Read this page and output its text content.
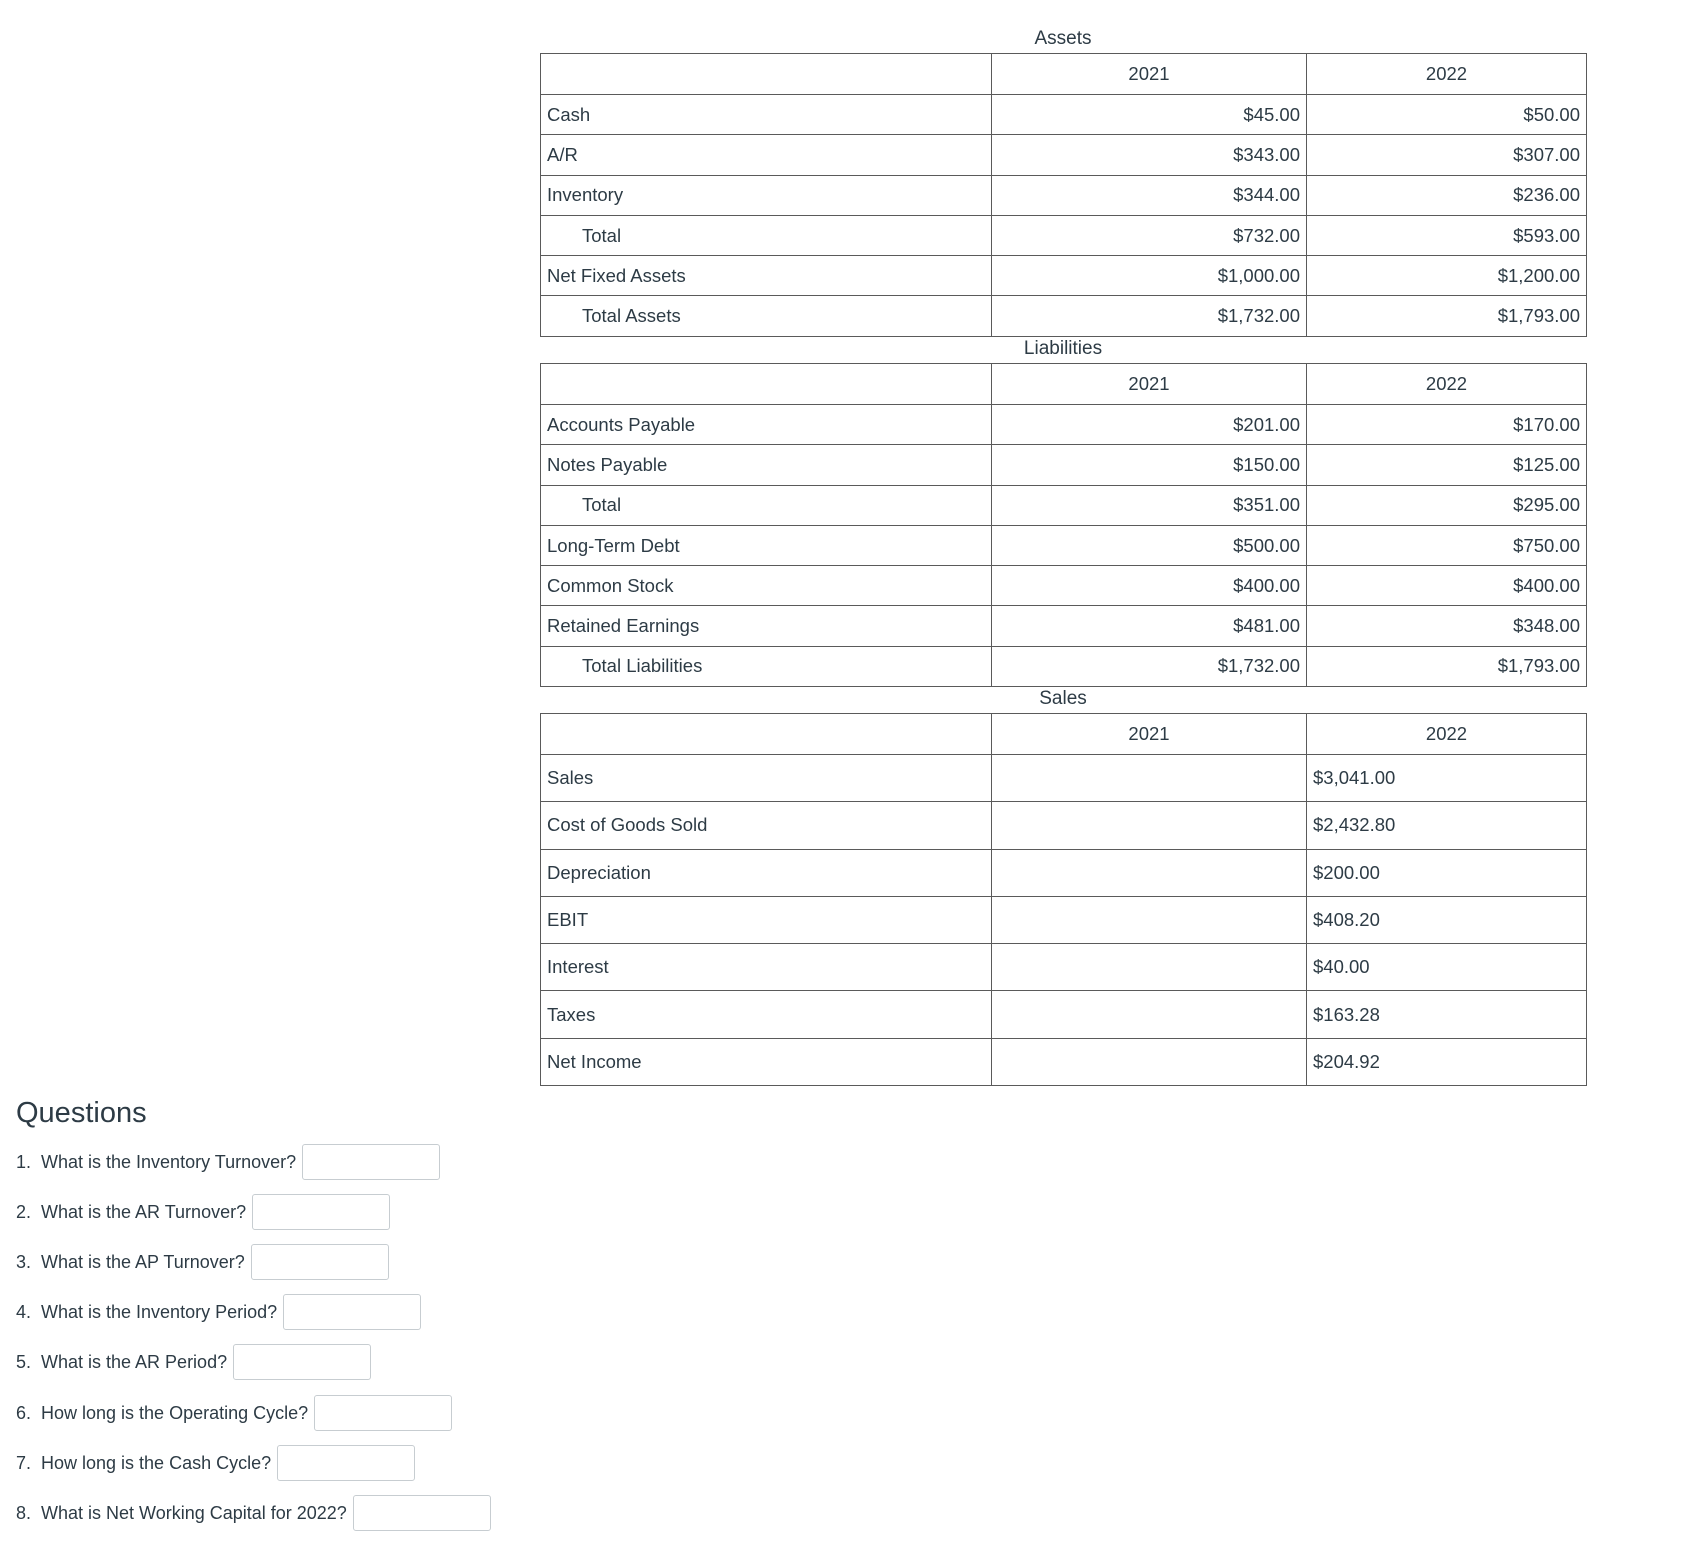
Assets
	2021	2022
Cash	$45.00	$50.00
A/R	$343.00	$307.00
Inventory	$344.00	$236.00
Total	$732.00	$593.00
Net Fixed Assets	$1,000.00	$1,200.00
Total Assets	$1,732.00	$1,793.00
Liabilities
	2021	2022
Accounts Payable	$201.00	$170.00
Notes Payable	$150.00	$125.00
Total	$351.00	$295.00
Long-Term Debt	$500.00	$750.00
Common Stock	$400.00	$400.00
Retained Earnings	$481.00	$348.00
Total Liabilities	$1,732.00	$1,793.00
Sales
	2021	2022
Sales		$3,041.00
Cost of Goods Sold		$2,432.80
Depreciation		$200.00
EBIT		$408.20
Interest		$40.00
Taxes		$163.28
Net Income		$204.92
Questions
1. What is the Inventory Turnover?
2. What is the AR Turnover?
3. What is the AP Turnover?
4. What is the Inventory Period?
5. What is the AR Period?
6. How long is the Operating Cycle?
7. How long is the Cash Cycle?
8. What is Net Working Capital for 2022?
